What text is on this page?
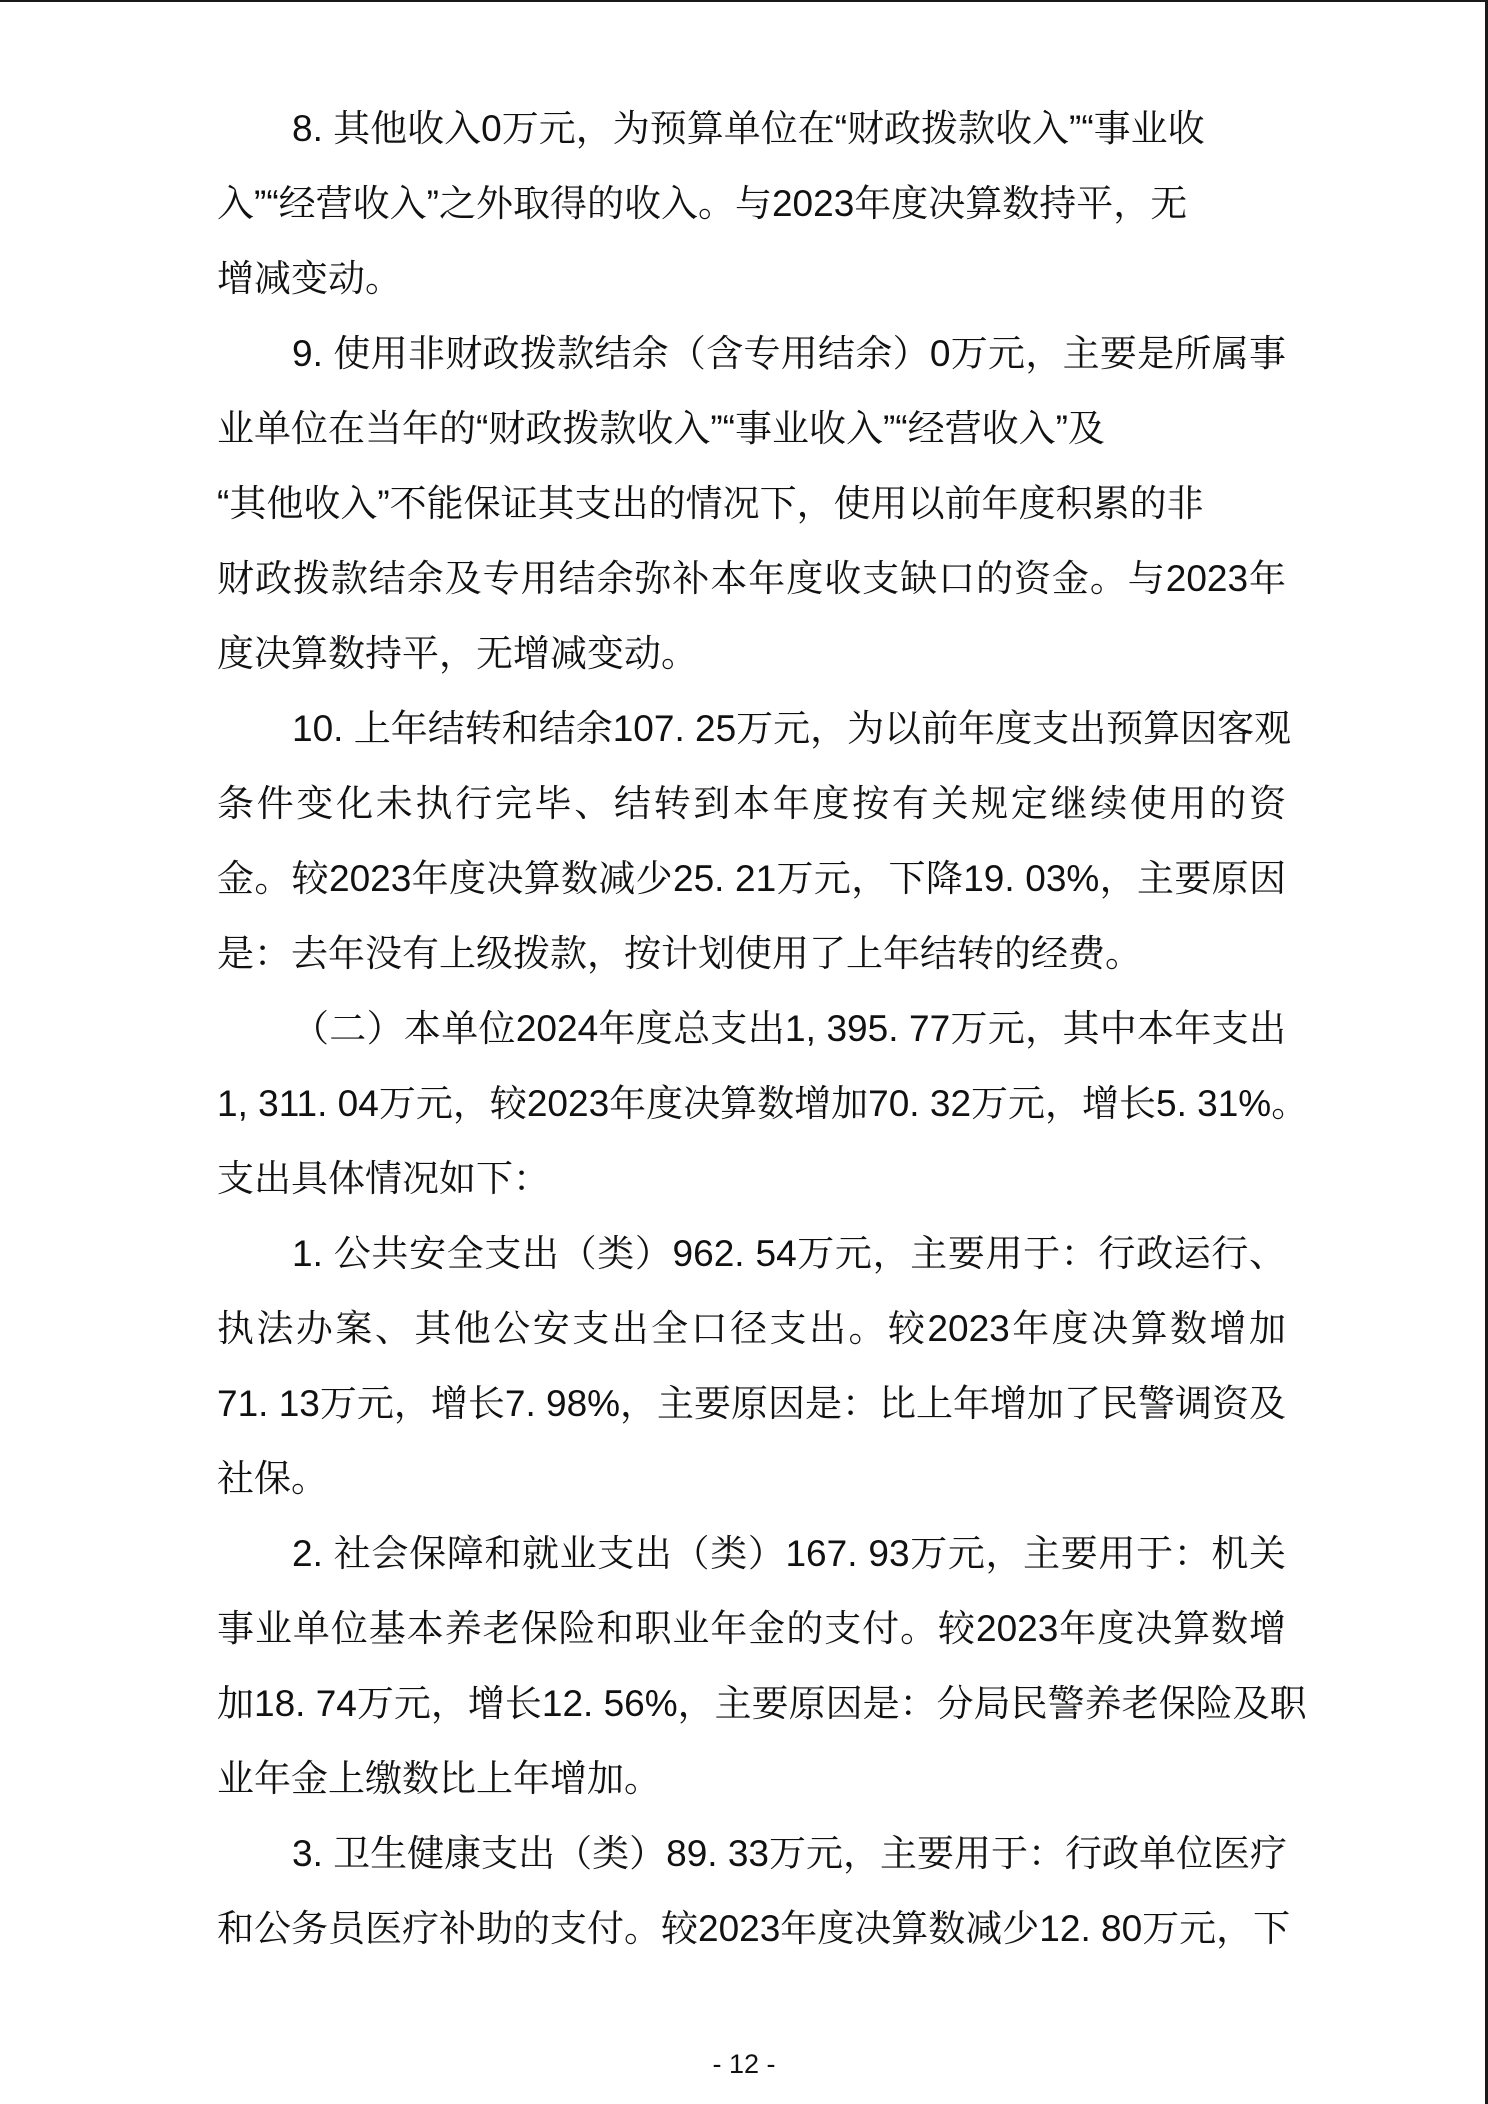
8. 其他收入0万元，为预算单位在“财政拨款收入”“事业收
入”“经营收入”之外取得的收入。与2023年度决算数持平，无
增减变动。
9. 使用非财政拨款结余（含专用结余）0万元，主要是所属事
业单位在当年的“财政拨款收入”“事业收入”“经营收入”及
“其他收入”不能保证其支出的情况下，使用以前年度积累的非
财政拨款结余及专用结余弥补本年度收支缺口的资金。与2023年
度决算数持平，无增减变动。
10. 上年结转和结余107. 25万元，为以前年度支出预算因客观
条件变化未执行完毕、结转到本年度按有关规定继续使用的资
金。较2023年度决算数减少25. 21万元，下降19. 03%，主要原因
是：去年没有上级拨款，按计划使用了上年结转的经费。
（二）本单位2024年度总支出1, 395. 77万元，其中本年支出
1, 311. 04万元，较2023年度决算数增加70. 32万元，增长5. 31%。
支出具体情况如下：
1. 公共安全支出（类）962. 54万元，主要用于：行政运行、
执法办案、其他公安支出全口径支出。较2023年度决算数增加
71. 13万元，增长7. 98%，主要原因是：比上年增加了民警调资及
社保。
2. 社会保障和就业支出（类）167. 93万元，主要用于：机关
事业单位基本养老保险和职业年金的支付。较2023年度决算数增
加18. 74万元，增长12. 56%，主要原因是：分局民警养老保险及职
业年金上缴数比上年增加。
3. 卫生健康支出（类）89. 33万元，主要用于：行政单位医疗
和公务员医疗补助的支付。较2023年度决算数减少12. 80万元，下
- 12 -
